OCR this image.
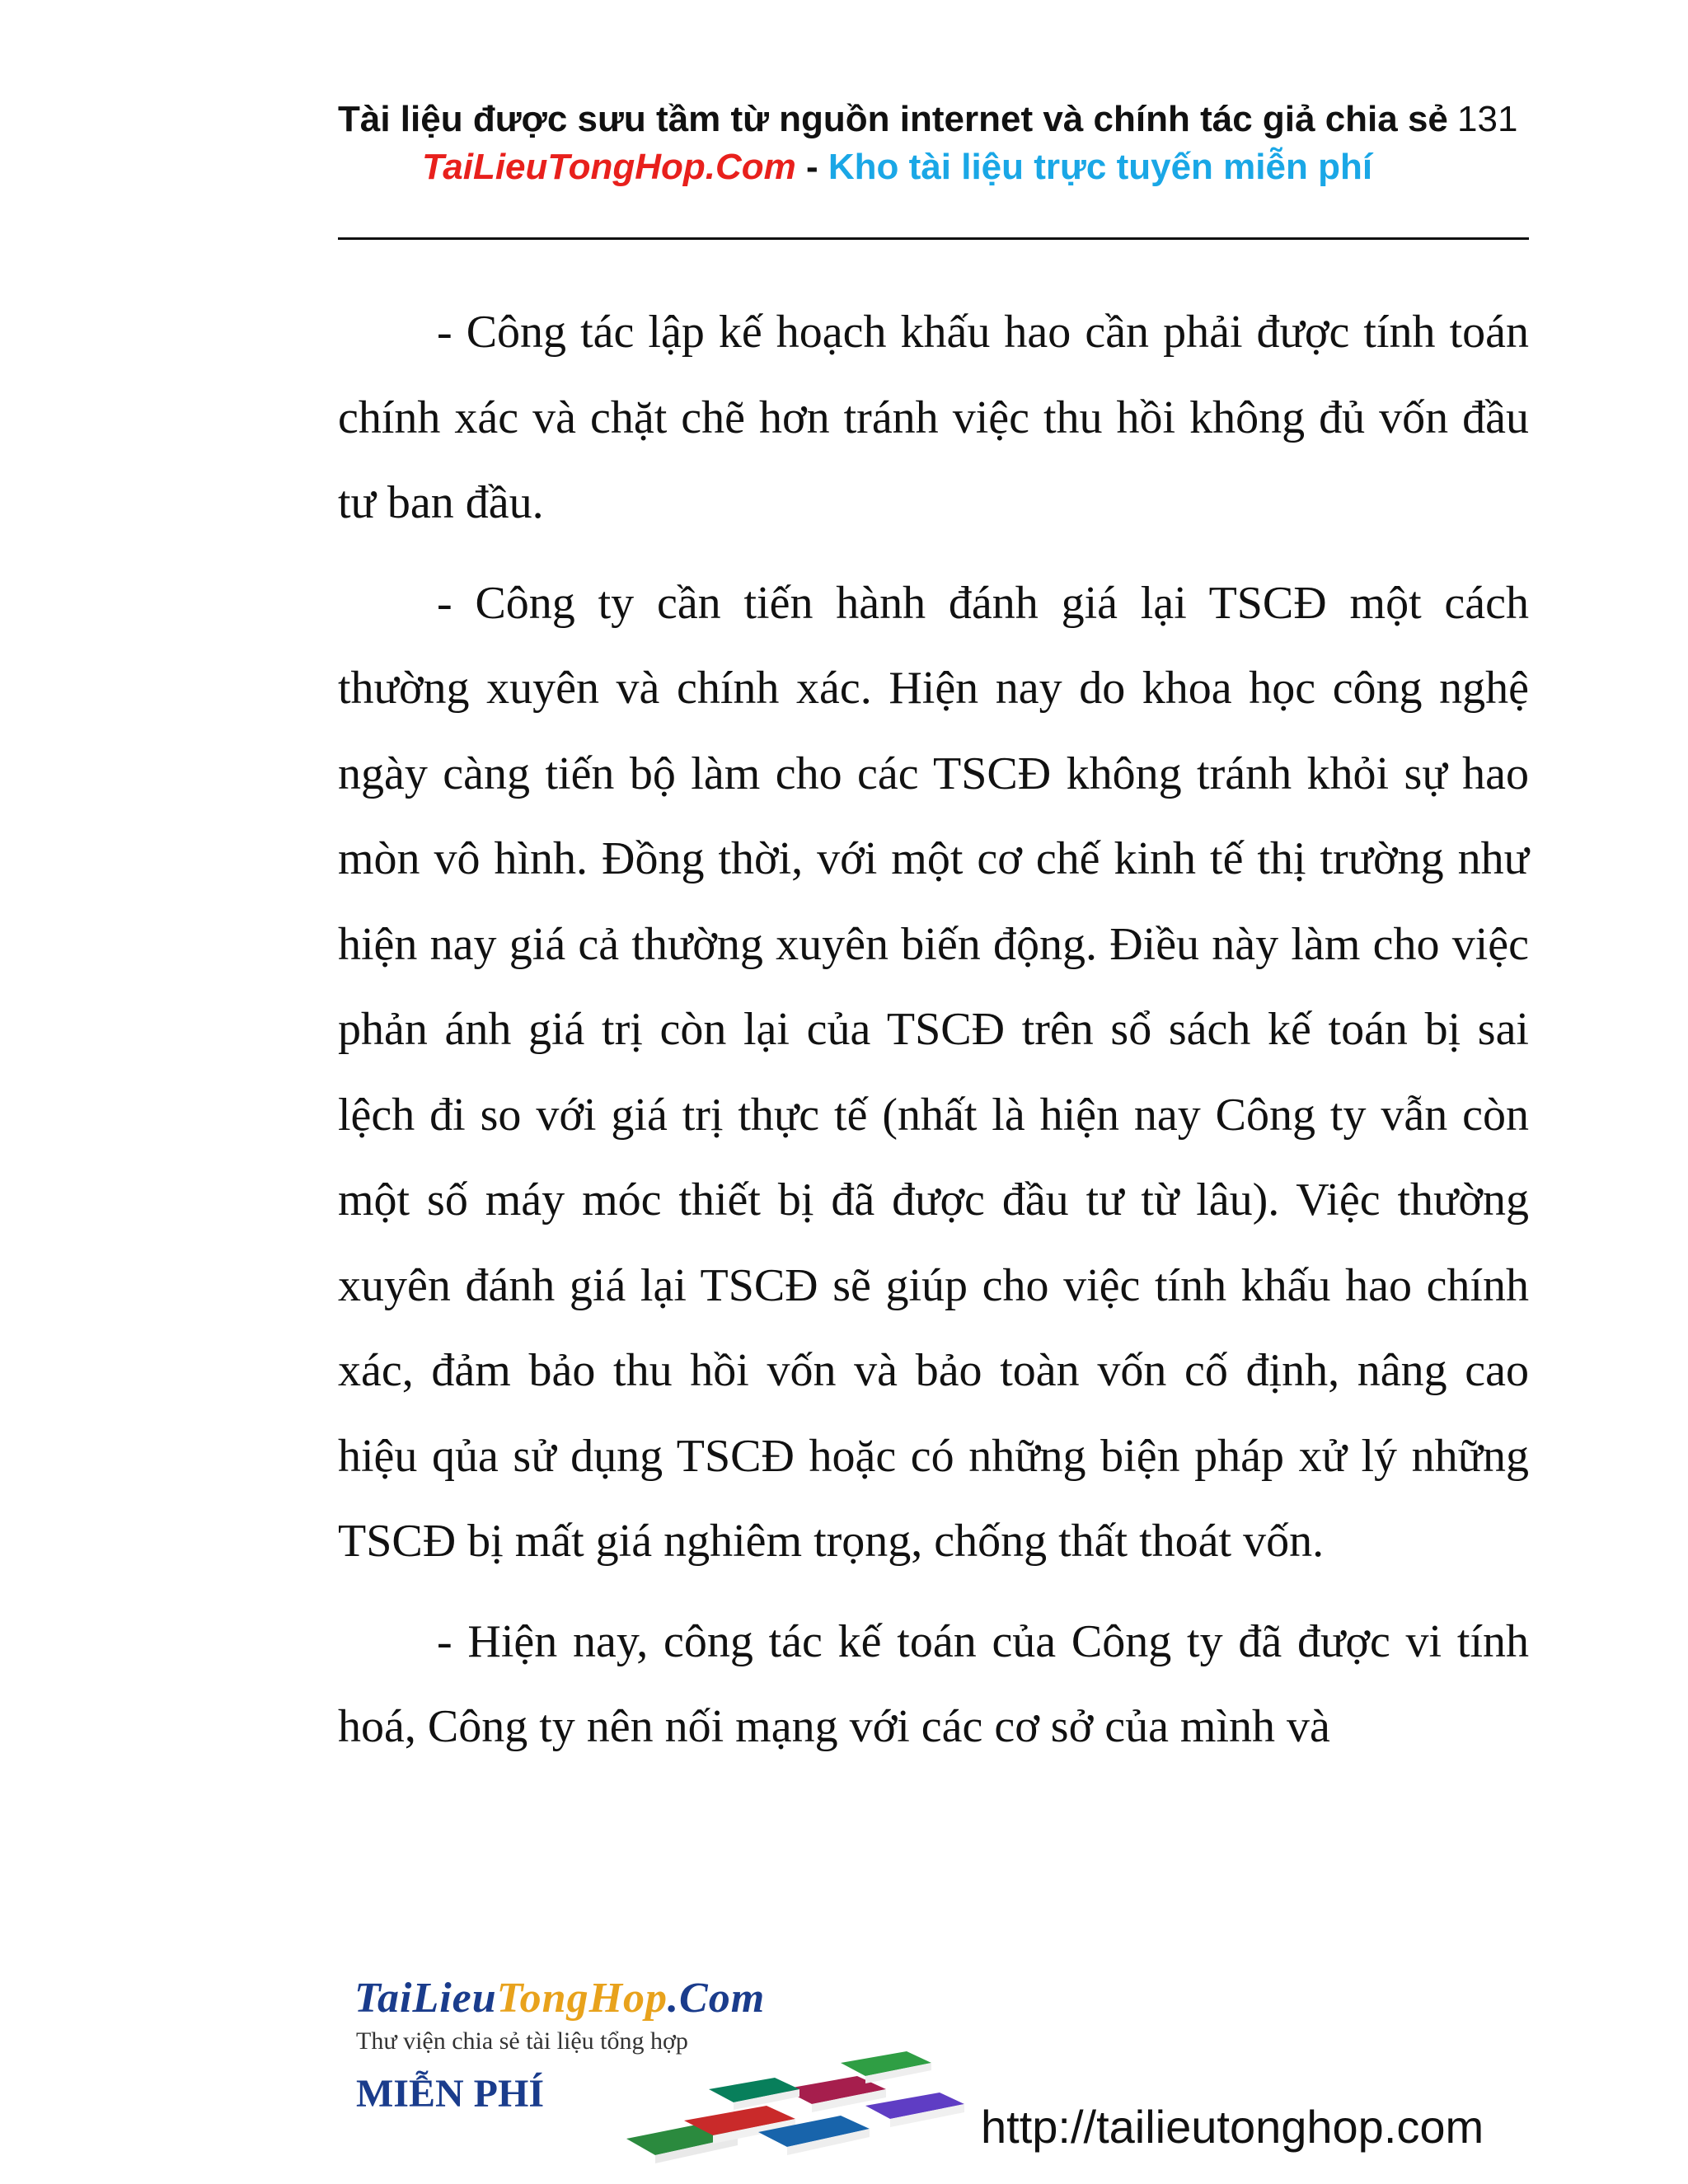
Tài liệu được sưu tầm từ nguồn internet và chính tác giả chia sẻ 131
TaiLieuTongHop.Com - Kho tài liệu trực tuyến miễn phí

- Công tác lập kế hoạch khấu hao cần phải được tính toán chính xác và chặt chẽ hơn tránh việc thu hồi không đủ vốn đầu tư ban đầu.

- Công ty cần tiến hành đánh giá lại TSCĐ một cách thường xuyên và chính xác. Hiện nay do khoa học công nghệ ngày càng tiến bộ làm cho các TSCĐ không tránh khỏi sự hao mòn vô hình. Đồng thời, với một cơ chế kinh tế thị trường như hiện nay giá cả thường xuyên biến động. Điều này làm cho việc phản ánh giá trị còn lại của TSCĐ trên sổ sách kế toán bị sai lệch đi so với giá trị thực tế (nhất là hiện nay Công ty vẫn còn một số máy móc thiết bị đã được đầu tư từ lâu). Việc thường xuyên đánh giá lại TSCĐ sẽ giúp cho việc tính khấu hao chính xác, đảm bảo thu hồi vốn và bảo toàn vốn cố định, nâng cao hiệu qủa sử dụng TSCĐ hoặc có những biện pháp xử lý những TSCĐ bị mất giá nghiêm trọng, chống thất thoát vốn.

- Hiện nay, công tác kế toán của Công ty đã được vi tính hoá, Công ty nên nối mạng với các cơ sở của mình và

TaiLieuTongHop.Com
Thư viện chia sẻ tài liệu tổng hợp
MIỄN PHÍ
http://tailieutonghop.com
